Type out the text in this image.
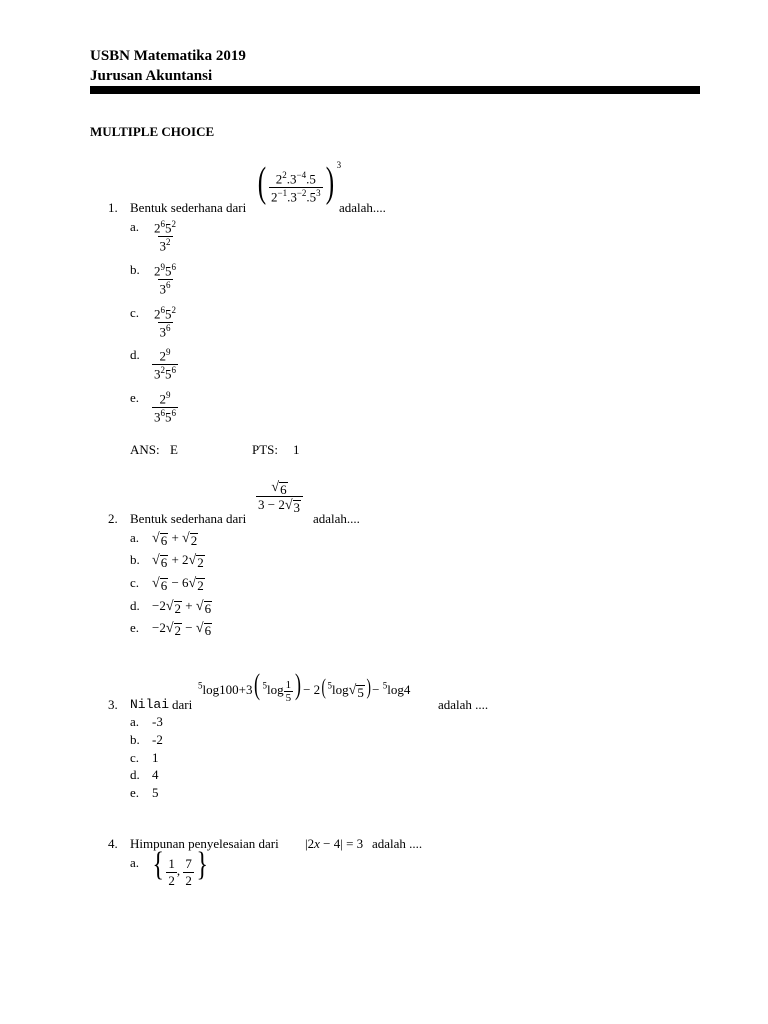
USBN Matematika 2019
Jurusan Akuntansi
MULTIPLE CHOICE
1. Bentuk sederhana dari
( $\frac{2^2.3^{-4}.5}{2^{-1}.3^{-2}.5^3}$ ) $^3$
adalah....
a. $\frac{2^65^2}{3^2}$
b. $\frac{2^95^6}{3^6}$
c. $\frac{2^65^2}{3^6}$
d. $\frac{2^9}{3^25^6}$
e. $\frac{2^9}{3^65^6}$
ANS: E	PTS: 1
2. Bentuk sederhana dari
$\frac{√ 6}{3 - 2 √ 3}$
adalah....
a. √ 6 + √ 2
b. √ 6 + 2 √ 2
c. √ 6 − 6 √ 2
d. −2 √ 2 + √ 6
e. −2 √ 2 − √ 6
3. Nilai dari
$^5$log100+3( $^5\log \frac{1}{5}$ ) − 2($^5$log √ 5 )− $^5$log4
adalah ....
a. -3
b. -2
c. 1
d. 4
e. 5
4. Himpunan penyelesaian dari |2x − 4| = 3 adalah ....
a. { $\frac{1}{2}$ , $\frac{7}{2}$ }
